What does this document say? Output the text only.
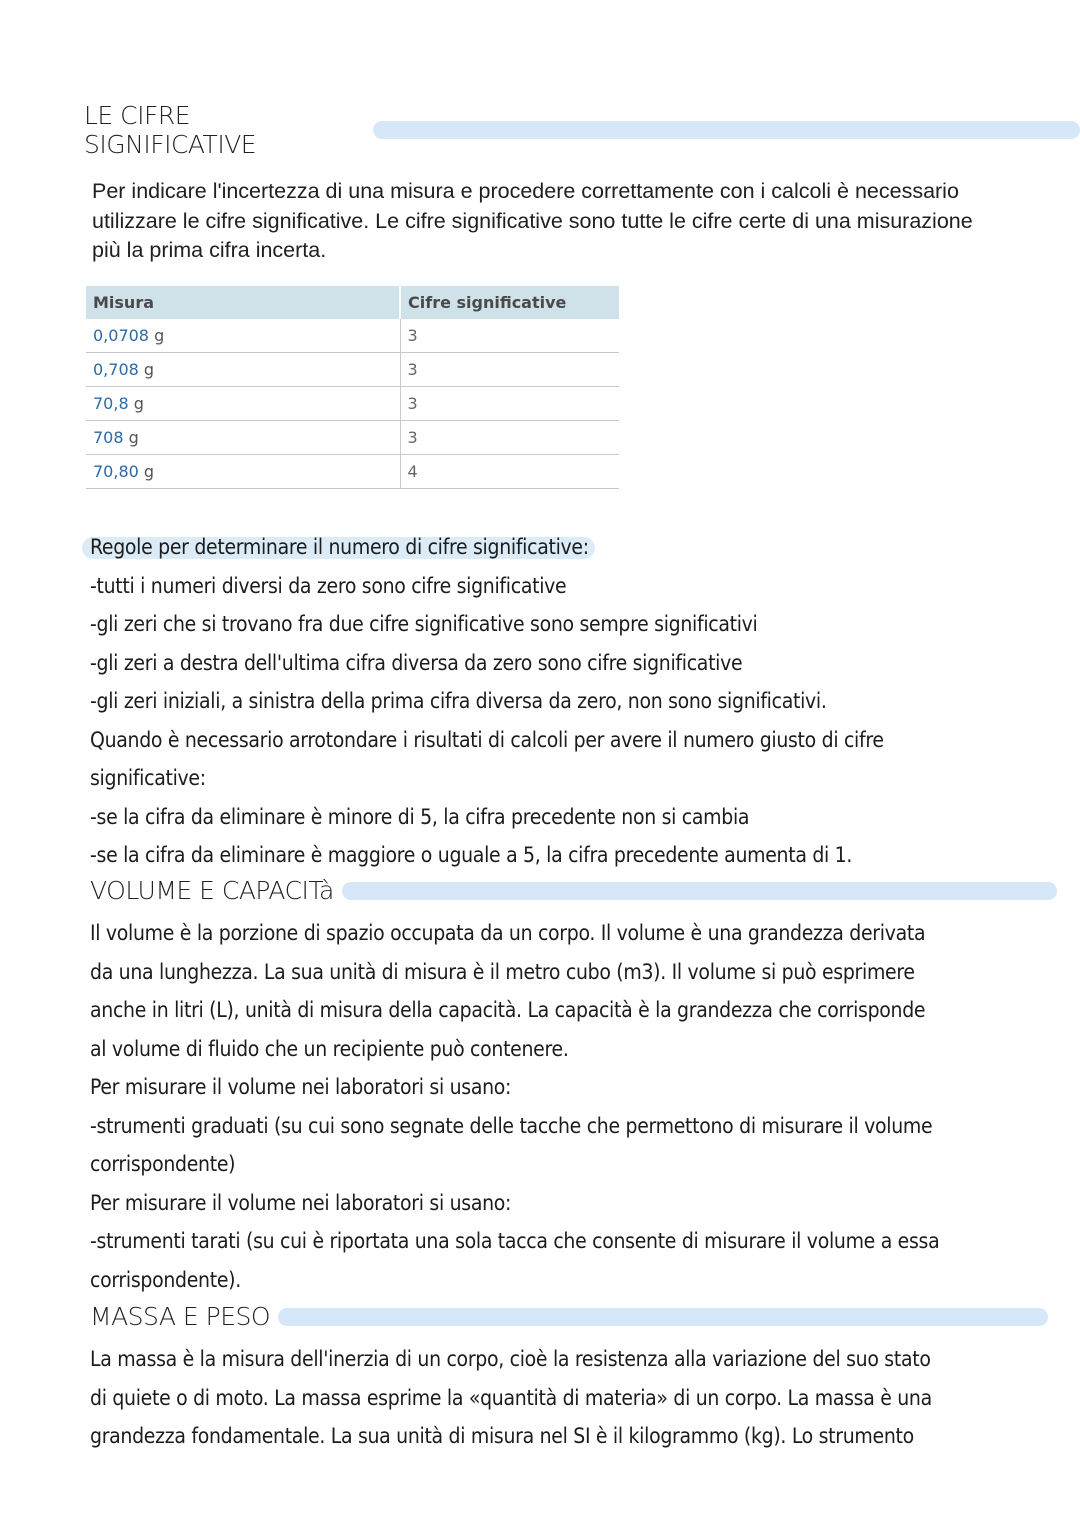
LE CIFRE SIGNIFICATIVE
Per indicare l'incertezza di una misura e procedere correttamente con i calcoli è necessario
utilizzare le cifre significative. Le cifre significative sono tutte le cifre certe di una misurazione
più la prima cifra incerta.
Misura	Cifre significative
0,0708 g	3
0,708 g	3
70,8 g	3
708 g	3
70,80 g	4
Regole per determinare il numero di cifre significative:
-tutti i numeri diversi da zero sono cifre significative
-gli zeri che si trovano fra due cifre significative sono sempre significativi
-gli zeri a destra dell'ultima cifra diversa da zero sono cifre significative
-gli zeri iniziali, a sinistra della prima cifra diversa da zero, non sono significativi.
Quando è necessario arrotondare i risultati di calcoli per avere il numero giusto di cifre
significative:
-se la cifra da eliminare è minore di 5, la cifra precedente non si cambia
-se la cifra da eliminare è maggiore o uguale a 5, la cifra precedente aumenta di 1.
VOLUME E CAPACITà
Il volume è la porzione di spazio occupata da un corpo. Il volume è una grandezza derivata
da una lunghezza. La sua unità di misura è il metro cubo (m3). Il volume si può esprimere
anche in litri (L), unità di misura della capacità. La capacità è la grandezza che corrisponde
al volume di fluido che un recipiente può contenere.
Per misurare il volume nei laboratori si usano:
-strumenti graduati (su cui sono segnate delle tacche che permettono di misurare il volume
corrispondente)
Per misurare il volume nei laboratori si usano:
-strumenti tarati (su cui è riportata una sola tacca che consente di misurare il volume a essa
corrispondente).
MASSA E PESO
La massa è la misura dell'inerzia di un corpo, cioè la resistenza alla variazione del suo stato
di quiete o di moto. La massa esprime la «quantità di materia» di un corpo. La massa è una
grandezza fondamentale. La sua unità di misura nel SI è il kilogrammo (kg). Lo strumento
